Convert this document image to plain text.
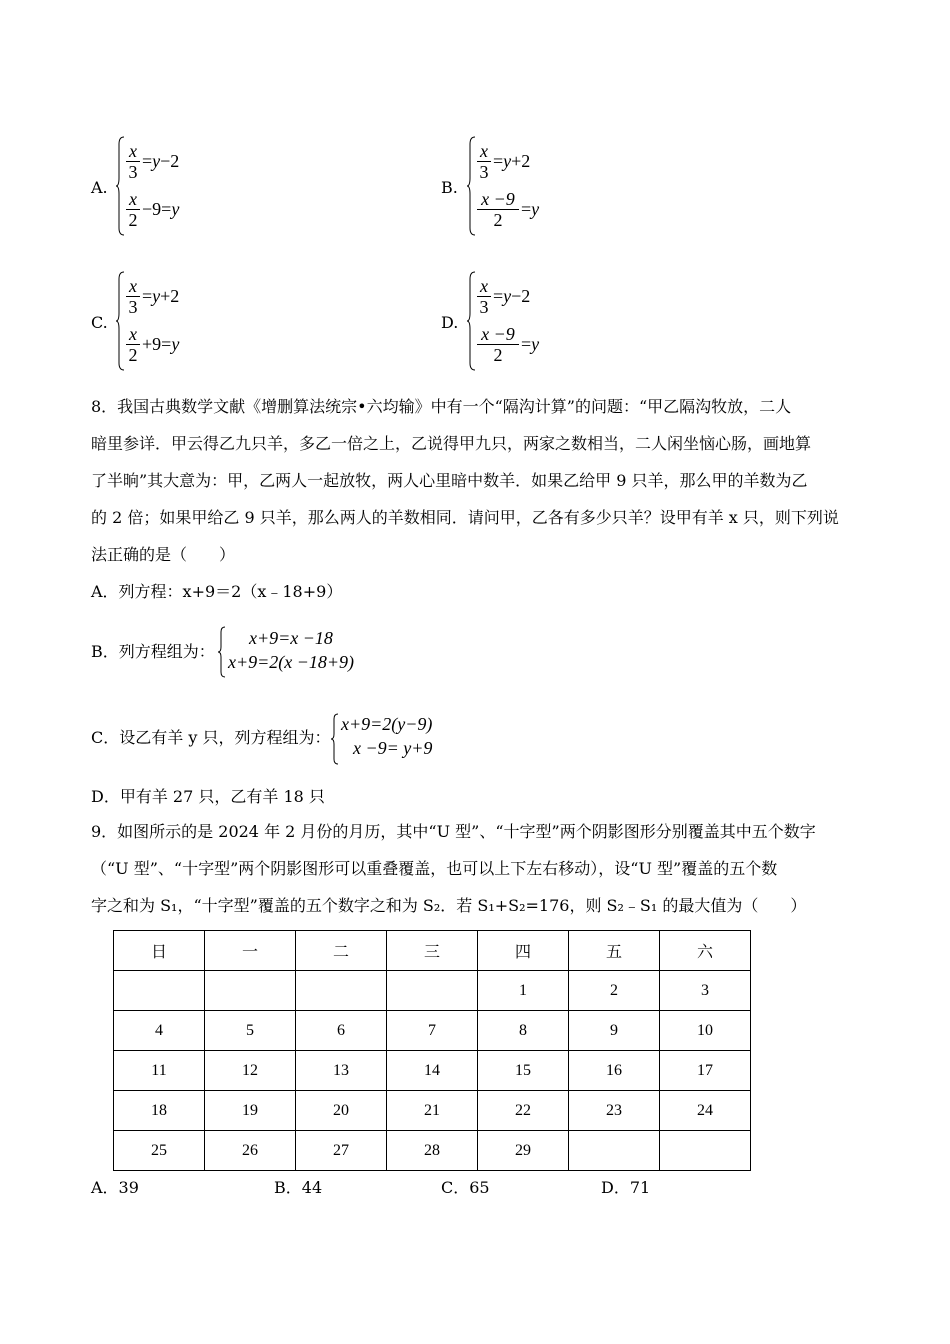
A.
x
3
=y−2
x
2
−9=y
B.
x
3
=y+2
x −9
2
=y
C.
x
3
=y+2
x
2
+9=y
D.
x
3
=y−2
x −9
2
=y
8．我国古典数学文献《增删算法统宗•六均输》中有一个“隔沟计算”的问题：“甲乙隔沟牧放，二人
暗里参详．甲云得乙九只羊，多乙一倍之上，乙说得甲九只，两家之数相当，二人闲坐恼心肠，画地算
了半晌”其大意为：甲，乙两人一起放牧，两人心里暗中数羊．如果乙给甲 9 只羊，那么甲的羊数为乙
的 2 倍；如果甲给乙 9 只羊，那么两人的羊数相同．请问甲，乙各有多少只羊？设甲有羊 x 只，则下列说
法正确的是（　　）
A．列方程：x+9＝2（x﹣18+9）
B．列方程组为：
x+9=x −18
x+9=2(x −18+9)
C．设乙有羊 y 只，列方程组为：
x+9=2(y−9)
x −9= y+9
D．甲有羊 27 只，乙有羊 18 只
9．如图所示的是 2024 年 2 月份的月历，其中“U 型”、“十字型”两个阴影图形分别覆盖其中五个数字
（“U 型”、“十字型”两个阴影图形可以重叠覆盖，也可以上下左右移动），设“U 型”覆盖的五个数
字之和为 S₁，“十字型”覆盖的五个数字之和为 S₂．若 S₁+S₂=176，则 S₂﹣S₁ 的最大值为（　　）
日	一	二	三	四	五	六
				1	2	3
4	5	6	7	8	9	10
11	12	13	14	15	16	17
18	19	20	21	22	23	24
25	26	27	28	29		
A．39	B．44	C．65	D．71
